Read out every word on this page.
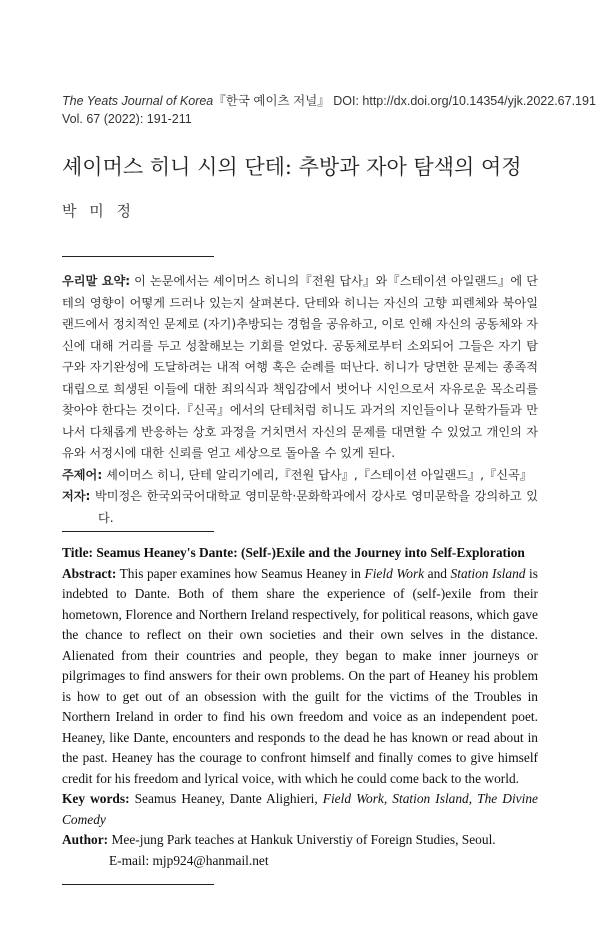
The Yeats Journal of Korea『한국 예이츠 저널』 DOI: http://dx.doi.org/10.14354/yjk.2022.67.191
Vol. 67 (2022): 191-211
셰이머스 히니 시의 단테: 추방과 자아 탐색의 여정
박 미 정

우리말 요약: 이 논문에서는 셰이머스 히니의『전원 답사』와『스테이션 아일랜드』에 단테의 영향이 어떻게 드러나 있는지 살펴본다. 단테와 히니는 자신의 고향 피렌체와 북아일랜드에서 정치적인 문제로 (자기)추방되는 경험을 공유하고, 이로 인해 자신의 공동체와 자신에 대해 거리를 두고 성찰해보는 기회를 얻었다. 공동체로부터 소외되어 그들은 자기 탐구와 자기완성에 도달하려는 내적 여행 혹은 순례를 떠난다. 히니가 당면한 문제는 종족적 대립으로 희생된 이들에 대한 죄의식과 책임감에서 벗어나 시인으로서 자유로운 목소리를 찾아야 한다는 것이다.『신곡』에서의 단테처럼 히니도 과거의 지인들이나 문학가들과 만나서 다채롭게 반응하는 상호 과정을 거치면서 자신의 문제를 대면할 수 있었고 개인의 자유와 서정시에 대한 신뢰를 얻고 세상으로 돌아올 수 있게 된다.

주제어: 셰이머스 히니, 단테 알리기에리,『전원 답사』,『스테이션 아일랜드』,『신곡』

저자: 박미정은 한국외국어대학교 영미문학·문화학과에서 강사로 영미문학을 강의하고 있다.

Title: Seamus Heaney's Dante: (Self-)Exile and the Journey into Self-Exploration

Abstract: This paper examines how Seamus Heaney in Field Work and Station Island is indebted to Dante. Both of them share the experience of (self-)exile from their hometown, Florence and Northern Ireland respectively, for political reasons, which gave the chance to reflect on their own societies and their own selves in the distance. Alienated from their countries and people, they began to make inner journeys or pilgrimages to find answers for their own problems. On the part of Heaney his problem is how to get out of an obsession with the guilt for the victims of the Troubles in Northern Ireland in order to find his own freedom and voice as an independent poet. Heaney, like Dante, encounters and responds to the dead he has known or read about in the past. Heaney has the courage to confront himself and finally comes to give himself credit for his freedom and lyrical voice, with which he could come back to the world.

Key words: Seamus Heaney, Dante Alighieri, Field Work, Station Island, The Divine Comedy

Author: Mee-jung Park teaches at Hankuk Universtiy of Foreign Studies, Seoul.

E-mail: mjp924@hanmail.net
